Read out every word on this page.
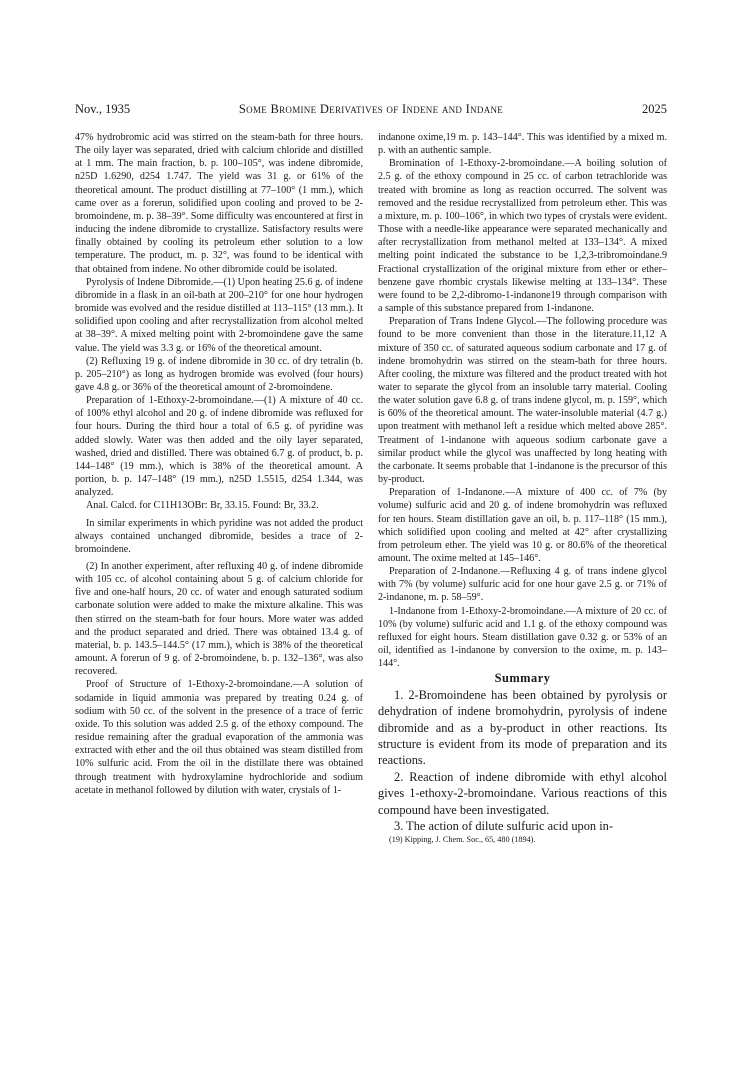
Nov., 1935	Some Bromine Derivatives of Indene and Indane	2025

47% hydrobromic acid was stirred on the steam-bath for three hours. The oily layer was separated, dried with calcium chloride and distilled at 1 mm. The main fraction, b. p. 100–105°, was indene dibromide, n25D 1.6290, d254 1.747. The yield was 31 g. or 61% of the theoretical amount. The product distilling at 77–100° (1 mm.), which came over as a forerun, solidified upon cooling and proved to be 2-bromoindene, m. p. 38–39°. Some difficulty was encountered at first in inducing the indene dibromide to crystallize. Satisfactory results were finally obtained by cooling its petroleum ether solution to a low temperature. The product, m. p. 32°, was found to be identical with that obtained from indene. No other dibromide could be isolated.

Pyrolysis of Indene Dibromide.—(1) Upon heating 25.6 g. of indene dibromide in a flask in an oil-bath at 200–210° for one hour hydrogen bromide was evolved and the residue distilled at 113–115° (13 mm.). It solidified upon cooling and after recrystallization from alcohol melted at 38–39°. A mixed melting point with 2-bromoindene gave the same value. The yield was 3.3 g. or 16% of the theoretical amount.

(2) Refluxing 19 g. of indene dibromide in 30 cc. of dry tetralin (b. p. 205–210°) as long as hydrogen bromide was evolved (four hours) gave 4.8 g. or 36% of the theoretical amount of 2-bromoindene.

Preparation of 1-Ethoxy-2-bromoindane.—(1) A mixture of 40 cc. of 100% ethyl alcohol and 20 g. of indene dibromide was refluxed for four hours. During the third hour a total of 6.5 g. of pyridine was added slowly. Water was then added and the oily layer separated, washed, dried and distilled. There was obtained 6.7 g. of product, b. p. 144–148° (19 mm.), which is 38% of the theoretical amount. A portion, b. p. 147–148° (19 mm.), n25D 1.5515, d254 1.344, was analyzed.

Anal. Calcd. for C11H13OBr: Br, 33.15. Found: Br, 33.2.

In similar experiments in which pyridine was not added the product always contained unchanged dibromide, besides a trace of 2-bromoindene.

(2) In another experiment, after refluxing 40 g. of indene dibromide with 105 cc. of alcohol containing about 5 g. of calcium chloride for five and one-half hours, 20 cc. of water and enough saturated sodium carbonate solution were added to make the mixture alkaline. This was then stirred on the steam-bath for four hours. More water was added and the product separated and dried. There was obtained 13.4 g. of material, b. p. 143.5–144.5° (17 mm.), which is 38% of the theoretical amount. A forerun of 9 g. of 2-bromoindene, b. p. 132–136°, was also recovered.

Proof of Structure of 1-Ethoxy-2-bromoindane.—A solution of sodamide in liquid ammonia was prepared by treating 0.24 g. of sodium with 50 cc. of the solvent in the presence of a trace of ferric oxide. To this solution was added 2.5 g. of the ethoxy compound. The residue remaining after the gradual evaporation of the ammonia was extracted with ether and the oil thus obtained was steam distilled from 10% sulfuric acid. From the oil in the distillate there was obtained through treatment with hydroxylamine hydrochloride and sodium acetate in methanol followed by dilution with water, crystals of 1-

indanone oxime,19 m. p. 143–144°. This was identified by a mixed m. p. with an authentic sample.

Bromination of 1-Ethoxy-2-bromoindane.—A boiling solution of 2.5 g. of the ethoxy compound in 25 cc. of carbon tetrachloride was treated with bromine as long as reaction occurred. The solvent was removed and the residue recrystallized from petroleum ether. This was a mixture, m. p. 100–106°, in which two types of crystals were evident. Those with a needle-like appearance were separated mechanically and after recrystallization from methanol melted at 133–134°. A mixed melting point indicated the substance to be 1,2,3-tribromoindane.9 Fractional crystallization of the original mixture from ether or ether–benzene gave rhombic crystals likewise melting at 133–134°. These were found to be 2,2-dibromo-1-indanone19 through comparison with a sample of this substance prepared from 1-indanone.

Preparation of Trans Indene Glycol.—The following procedure was found to be more convenient than those in the literature.11,12 A mixture of 350 cc. of saturated aqueous sodium carbonate and 17 g. of indene bromohydrin was stirred on the steam-bath for three hours. After cooling, the mixture was filtered and the product treated with hot water to separate the glycol from an insoluble tarry material. Cooling the water solution gave 6.8 g. of trans indene glycol, m. p. 159°, which is 60% of the theoretical amount. The water-insoluble material (4.7 g.) upon treatment with methanol left a residue which melted above 285°. Treatment of 1-indanone with aqueous sodium carbonate gave a similar product while the glycol was unaffected by long heating with the carbonate. It seems probable that 1-indanone is the precursor of this by-product.

Preparation of 1-Indanone.—A mixture of 400 cc. of 7% (by volume) sulfuric acid and 20 g. of indene bromohydrin was refluxed for ten hours. Steam distillation gave an oil, b. p. 117–118° (15 mm.), which solidified upon cooling and melted at 42° after crystallizing from petroleum ether. The yield was 10 g. or 80.6% of the theoretical amount. The oxime melted at 145–146°.

Preparation of 2-Indanone.—Refluxing 4 g. of trans indene glycol with 7% (by volume) sulfuric acid for one hour gave 2.5 g. or 71% of 2-indanone, m. p. 58–59°.

1-Indanone from 1-Ethoxy-2-bromoindane.—A mixture of 20 cc. of 10% (by volume) sulfuric acid and 1.1 g. of the ethoxy compound was refluxed for eight hours. Steam distillation gave 0.32 g. or 53% of an oil, identified as 1-indanone by conversion to the oxime, m. p. 143–144°.

Summary

1. 2-Bromoindene has been obtained by pyrolysis or dehydration of indene bromohydrin, pyrolysis of indene dibromide and as a by-product in other reactions. Its structure is evident from its mode of preparation and its reactions.

2. Reaction of indene dibromide with ethyl alcohol gives 1-ethoxy-2-bromoindane. Various reactions of this compound have been investigated.

3. The action of dilute sulfuric acid upon in-

(19) Kipping, J. Chem. Soc., 65, 480 (1894).
